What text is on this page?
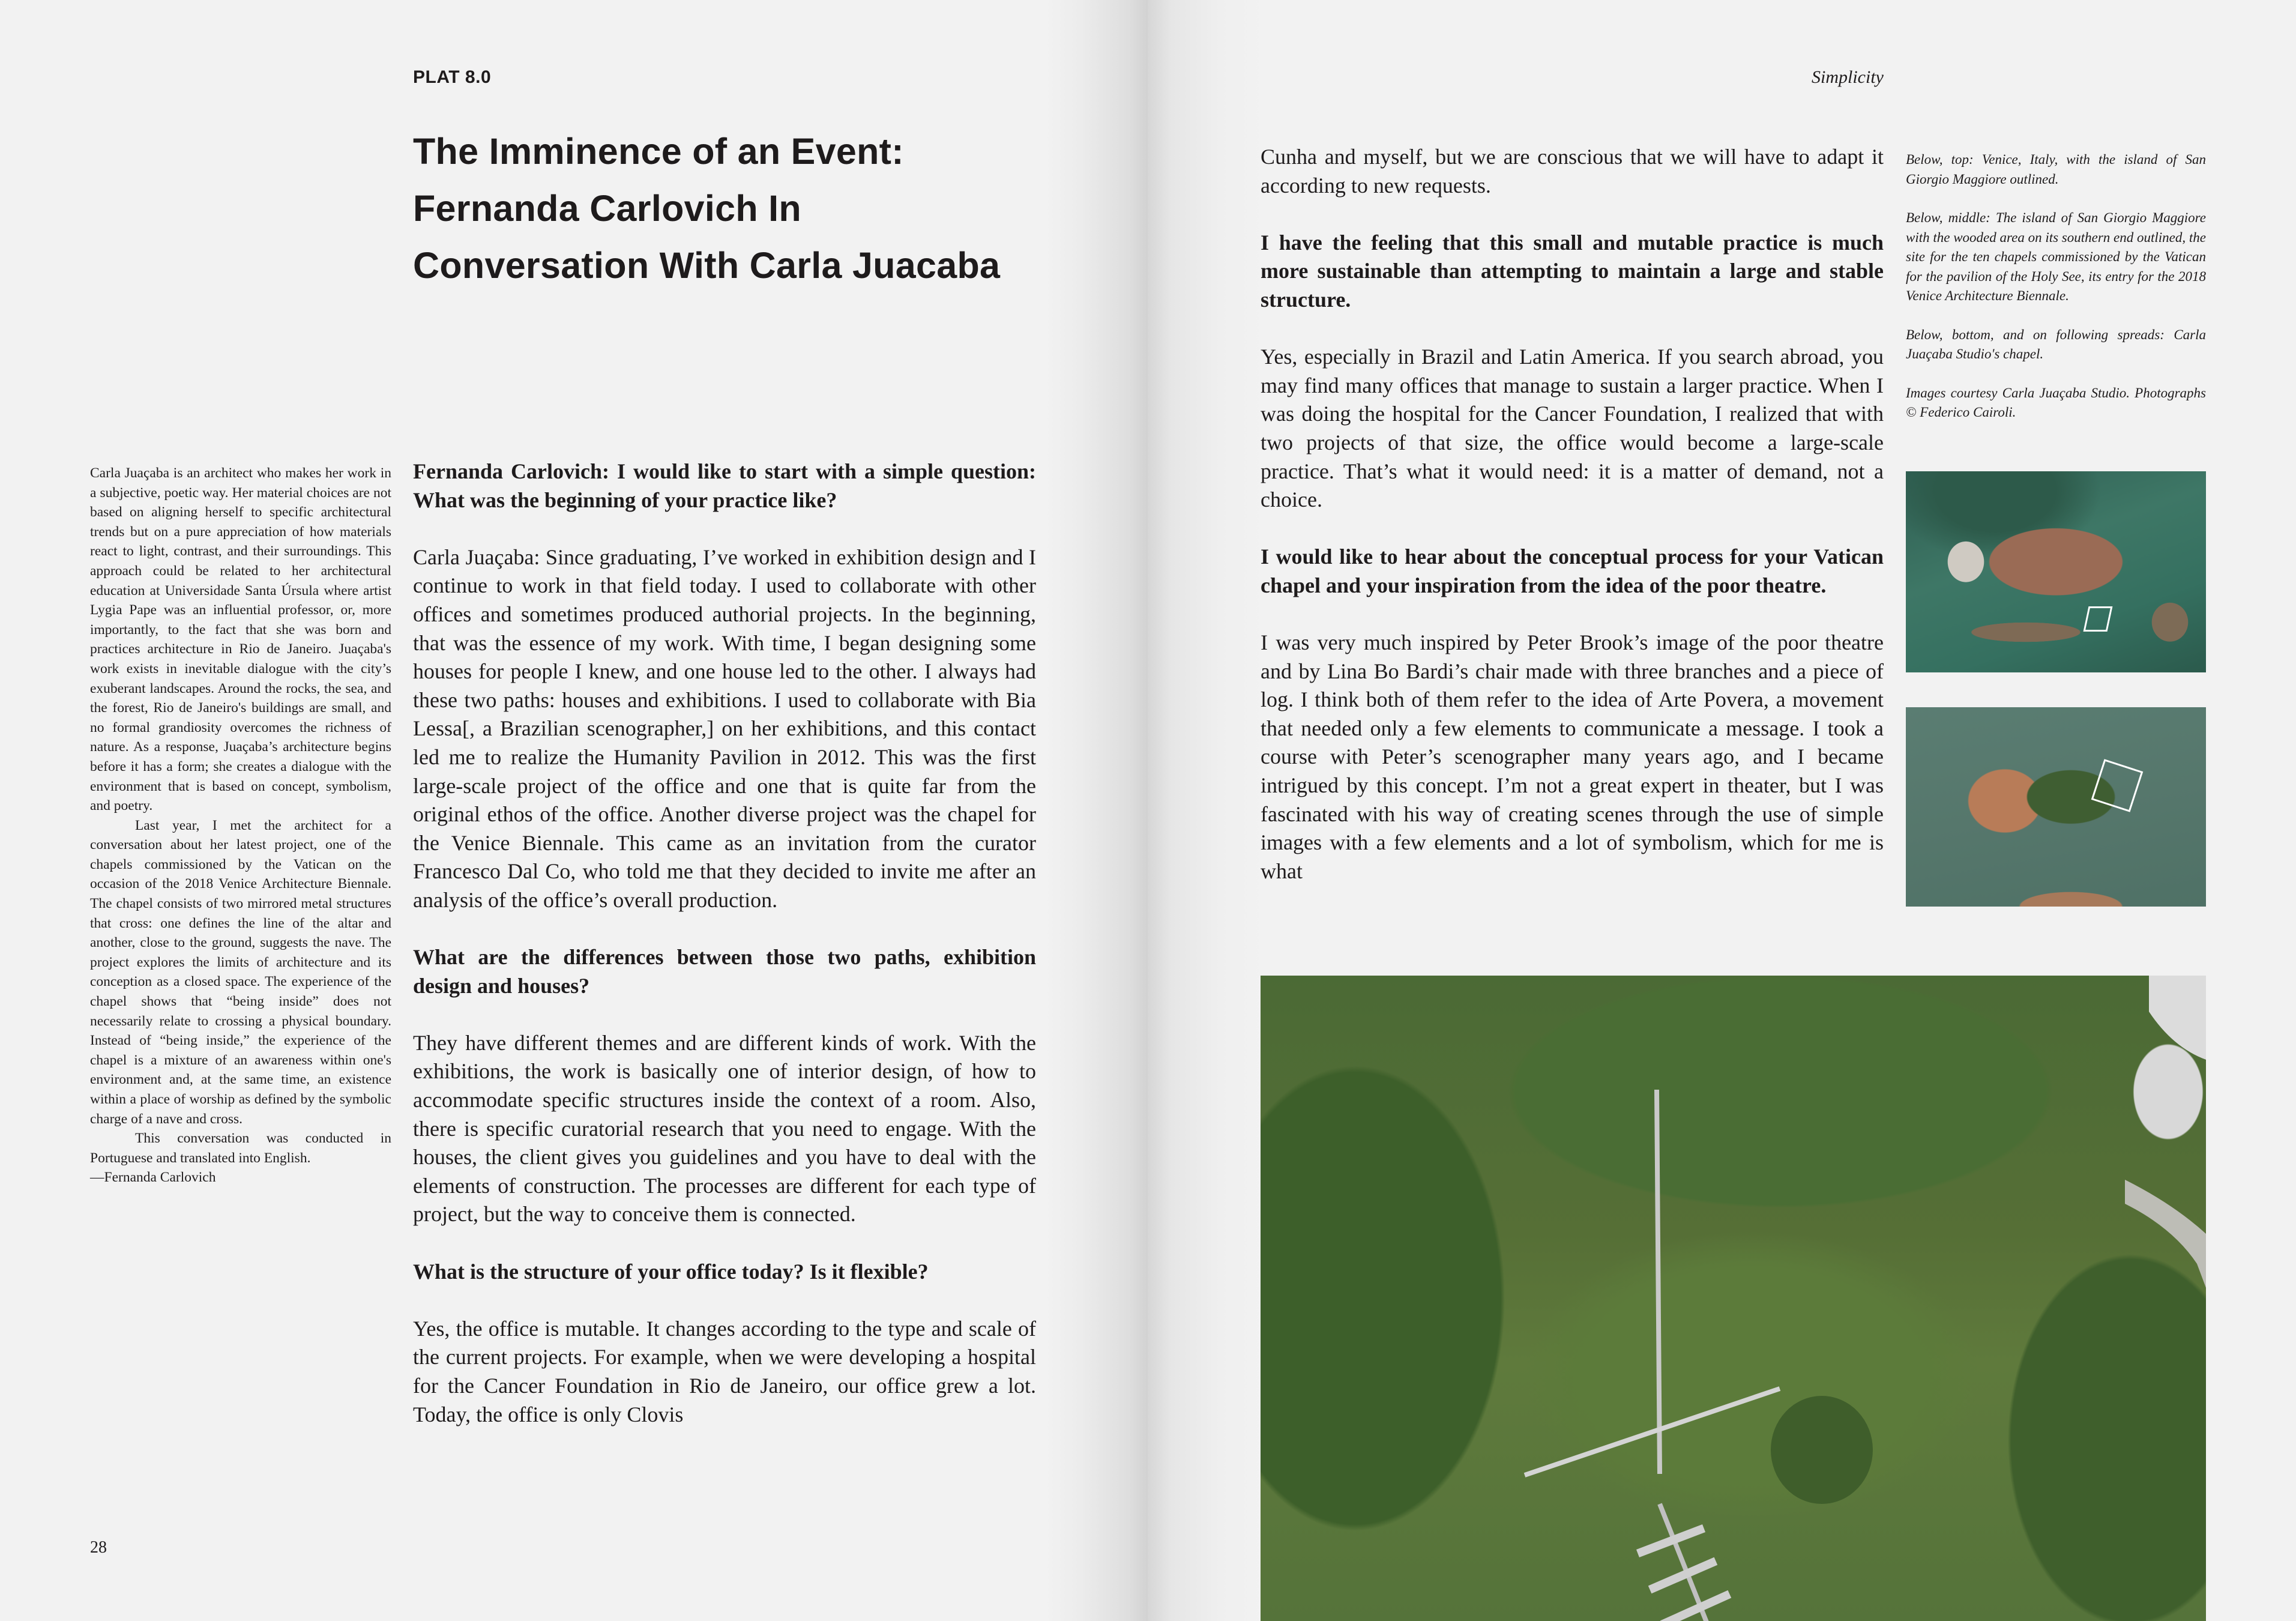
PLAT 8.0
The Imminence of an Event:
Fernanda Carlovich In
Conversation With Carla Juacaba

Carla Juaçaba is an architect who makes her work in a subjective, poetic way. Her material choices are not based on aligning herself to specific architectural trends but on a pure appreciation of how materials react to light, contrast, and their surroundings. This approach could be related to her architectural education at Universidade Santa Úrsula where artist Lygia Pape was an influential professor, or, more importantly, to the fact that she was born and practices architecture in Rio de Janeiro. Juaçaba's work exists in inevitable dialogue with the city’s exuberant landscapes. Around the rocks, the sea, and the forest, Rio de Janeiro's buildings are small, and no formal grandiosity overcomes the richness of nature. As a response, Juaçaba’s architecture begins before it has a form; she creates a dialogue with the environment that is based on concept, symbolism, and poetry.

Last year, I met the architect for a conversation about her latest project, one of the chapels commissioned by the Vatican on the occasion of the 2018 Venice Architecture Biennale. The chapel consists of two mirrored metal structures that cross: one defines the line of the altar and another, close to the ground, suggests the nave. The project explores the limits of architecture and its conception as a closed space. The experience of the chapel shows that “being inside” does not necessarily relate to crossing a physical boundary. Instead of “being inside,” the experience of the chapel is a mixture of an awareness within one's environment and, at the same time, an existence within a place of worship as defined by the symbolic charge of a nave and cross.

This conversation was conducted in Portuguese and translated into English.

—Fernanda Carlovich

Fernanda Carlovich: I would like to start with a simple question: What was the beginning of your practice like?

Carla Juaçaba: Since graduating, I’ve worked in exhibition design and I continue to work in that field today. I used to collaborate with other offices and sometimes produced authorial projects. In the beginning, that was the essence of my work. With time, I began designing some houses for people I knew, and one house led to the other. I always had these two paths: houses and exhibitions. I used to collaborate with Bia Lessa[, a Brazilian scenographer,] on her exhibitions, and this contact led me to realize the Humanity Pavilion in 2012. This was the first large-scale project of the office and one that is quite far from the original ethos of the office. Another diverse project was the chapel for the Venice Biennale. This came as an invitation from the curator Francesco Dal Co, who told me that they decided to invite me after an analysis of the office’s overall production.

What are the differences between those two paths, exhibition design and houses?

They have different themes and are different kinds of work. With the exhibitions, the work is basically one of interior design, of how to accommodate specific structures inside the context of a room. Also, there is specific curatorial research that you need to engage. With the houses, the client gives you guidelines and you have to deal with the elements of construction. The processes are different for each type of project, but the way to conceive them is connected.

What is the structure of your office today? Is it flexible?

Yes, the office is mutable. It changes according to the type and scale of the current projects. For example, when we were developing a hospital for the Cancer Foundation in Rio de Janeiro, our office grew a lot. Today, the office is only Clovis

28
Simplicity

Cunha and myself, but we are conscious that we will have to adapt it according to new requests.

I have the feeling that this small and mutable practice is much more sustainable than attempting to maintain a large and stable structure.

Yes, especially in Brazil and Latin America. If you search abroad, you may find many offices that manage to sustain a larger practice. When I was doing the hospital for the Cancer Foundation, I realized that with two projects of that size, the office would become a large-scale practice. That’s what it would need: it is a matter of demand, not a choice.

I would like to hear about the conceptual process for your Vatican chapel and your inspiration from the idea of the poor theatre.

I was very much inspired by Peter Brook’s image of the poor theatre and by Lina Bo Bardi’s chair made with three branches and a piece of log. I think both of them refer to the idea of Arte Povera, a movement that needed only a few elements to communicate a message. I took a course with Peter’s scenographer many years ago, and I became intrigued by this concept. I’m not a great expert in theater, but I was fascinated with his way of creating scenes through the use of simple images with a few elements and a lot of symbolism, which for me is what

Below, top: Venice, Italy, with the island of San Giorgio Maggiore outlined.

Below, middle: The island of San Giorgio Maggiore with the wooded area on its southern end outlined, the site for the ten chapels commissioned by the Vatican for the pavilion of the Holy See, its entry for the 2018 Venice Architecture Biennale.

Below, bottom, and on following spreads: Carla Juaçaba Studio's chapel.

Images courtesy Carla Juaçaba Studio. Photographs © Federico Cairoli.
